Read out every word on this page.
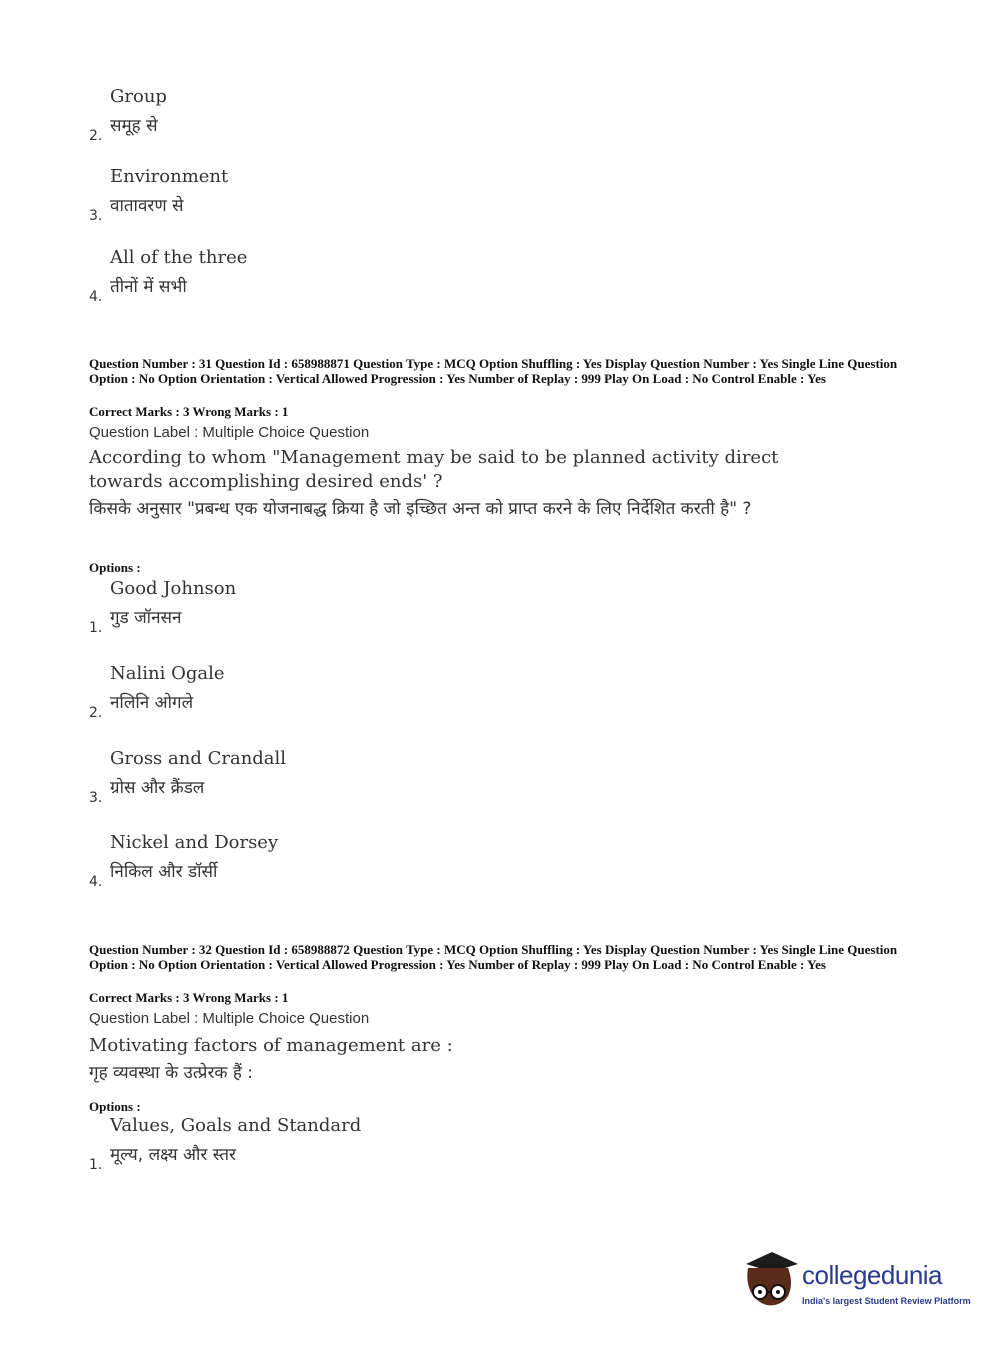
Group
समूह से
2.
Environment
वातावरण से
3.
All of the three
तीनों में सभी
4.
Question Number : 31 Question Id : 658988871 Question Type : MCQ Option Shuffling : Yes Display Question Number : Yes Single Line Question Option : No Option Orientation : Vertical Allowed Progression : Yes Number of Replay : 999 Play On Load : No Control Enable : Yes
Correct Marks : 3 Wrong Marks : 1
Question Label : Multiple Choice Question
According to whom "Management may be said to be planned activity direct towards accomplishing desired ends' ?
किसके अनुसार "प्रबन्ध एक योजनाबद्ध क्रिया है जो इच्छित अन्त को प्राप्त करने के लिए निर्देशित करती है" ?
Options :
Good Johnson
गुड जॉनसन
1.
Nalini Ogale
नलिनि ओगले
2.
Gross and Crandall
ग्रोस और क्रैंडल
3.
Nickel and Dorsey
निकिल और डॉर्सी
4.
Question Number : 32 Question Id : 658988872 Question Type : MCQ Option Shuffling : Yes Display Question Number : Yes Single Line Question Option : No Option Orientation : Vertical Allowed Progression : Yes Number of Replay : 999 Play On Load : No Control Enable : Yes
Correct Marks : 3 Wrong Marks : 1
Question Label : Multiple Choice Question
Motivating factors of management are :
गृह व्यवस्था के उत्प्रेरक हैं :
Options :
Values, Goals and Standard
मूल्य, लक्ष्य और स्तर
1.
collegedunia
India's largest Student Review Platform
